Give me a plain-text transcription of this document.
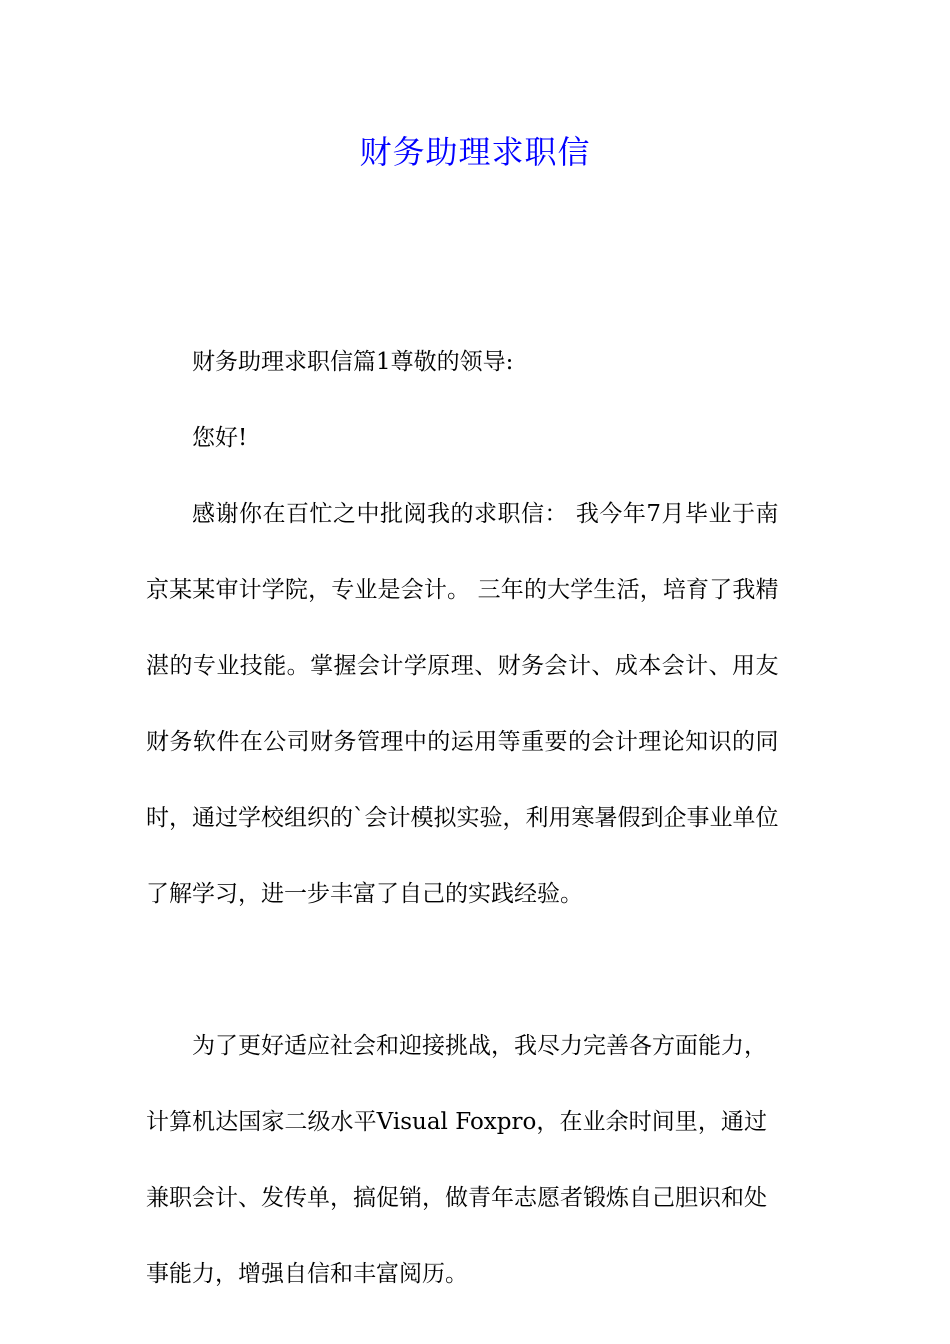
财务助理求职信

财务助理求职信篇1尊敬的领导:

您好!

感谢你在百忙之中批阅我的求职信： 我今年7月毕业于南
京某某审计学院，专业是会计。 三年的大学生活，培育了我精
湛的专业技能。掌握会计学原理、财务会计、成本会计、用友
财务软件在公司财务管理中的运用等重要的会计理论知识的同
时，通过学校组织的`会计模拟实验，利用寒暑假到企事业单位
了解学习，进一步丰富了自己的实践经验。
为了更好适应社会和迎接挑战，我尽力完善各方面能力，
计算机达国家二级水平Visual Foxpro，在业余时间里，通过
兼职会计、发传单，搞促销，做青年志愿者锻炼自己胆识和处
事能力，增强自信和丰富阅历。
